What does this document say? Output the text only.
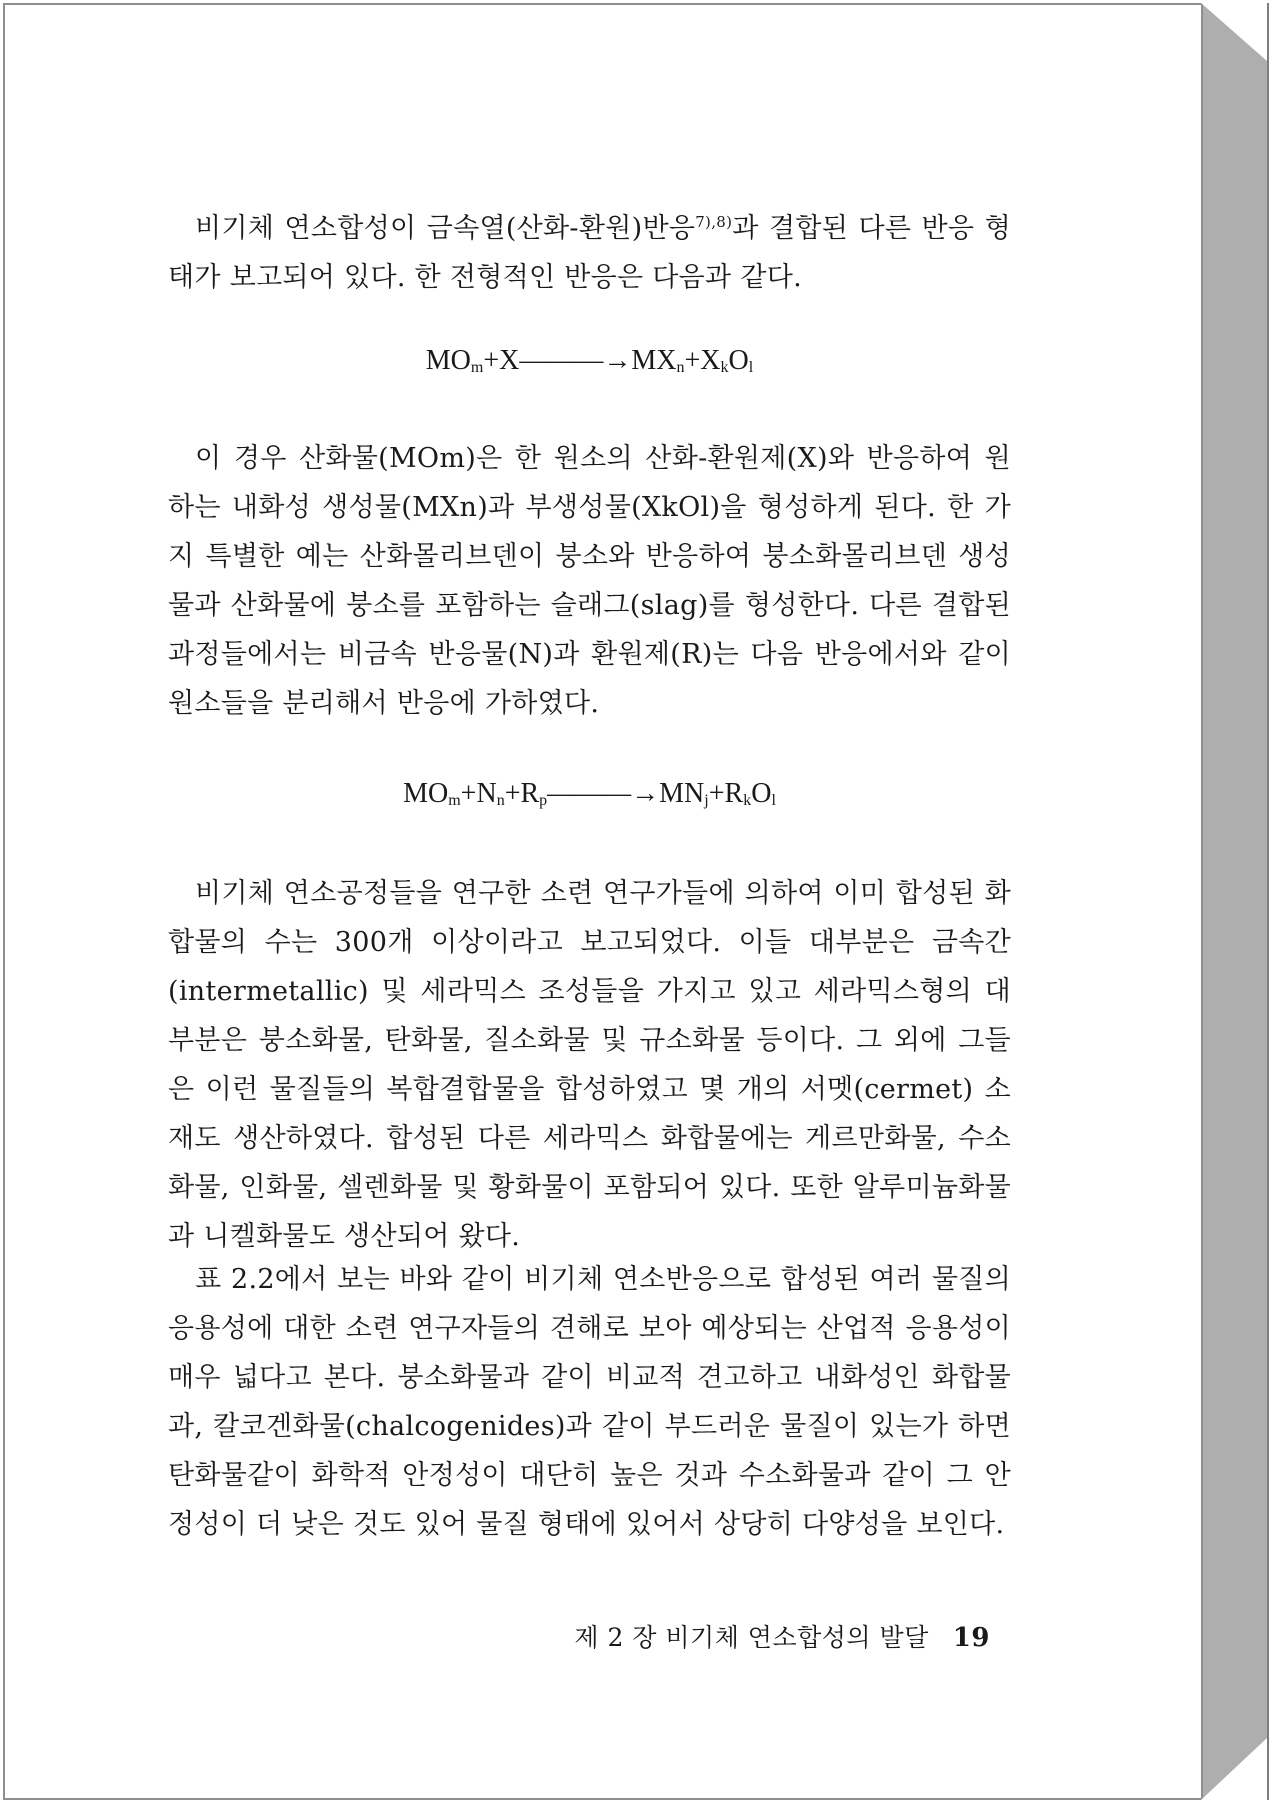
비기체 연소합성이 금속열(산화-환원)반응$^{7),8)}$과 결합된 다른 반응 형태가 보고되어 있다. 한 전형적인 반응은 다음과 같다.

$MO_m+X———\to MX_n+X_kO_l$

이 경우 산화물(MOm)은 한 원소의 산화-환원제(X)와 반응하여 원하는 내화성 생성물(MXn)과 부생성물(XkOl)을 형성하게 된다. 한 가지 특별한 예는 산화몰리브덴이 붕소와 반응하여 붕소화몰리브덴 생성물과 산화물에 붕소를 포함하는 슬래그(slag)를 형성한다. 다른 결합된 과정들에서는 비금속 반응물(N)과 환원제(R)는 다음 반응에서와 같이 원소들을 분리해서 반응에 가하였다.

$MO_m+N_n+R_p———\to MN_j+R_kO_l$

비기체 연소공정들을 연구한 소련 연구가들에 의하여 이미 합성된 화합물의 수는 300개 이상이라고 보고되었다. 이들 대부분은 금속간(intermetallic) 및 세라믹스 조성들을 가지고 있고 세라믹스형의 대부분은 붕소화물, 탄화물, 질소화물 및 규소화물 등이다. 그 외에 그들은 이런 물질들의 복합결합물을 합성하였고 몇 개의 서멧(cermet) 소재도 생산하였다. 합성된 다른 세라믹스 화합물에는 게르만화물, 수소화물, 인화물, 셀렌화물 및 황화물이 포함되어 있다. 또한 알루미늄화물과 니켈화물도 생산되어 왔다.

표 2.2에서 보는 바와 같이 비기체 연소반응으로 합성된 여러 물질의 응용성에 대한 소련 연구자들의 견해로 보아 예상되는 산업적 응용성이 매우 넓다고 본다. 붕소화물과 같이 비교적 견고하고 내화성인 화합물과, 칼코겐화물(chalcogenides)과 같이 부드러운 물질이 있는가 하면 탄화물같이 화학적 안정성이 대단히 높은 것과 수소화물과 같이 그 안정성이 더 낮은 것도 있어 물질 형태에 있어서 상당히 다양성을 보인다.

제 2 장 비기체 연소합성의 발달 19
